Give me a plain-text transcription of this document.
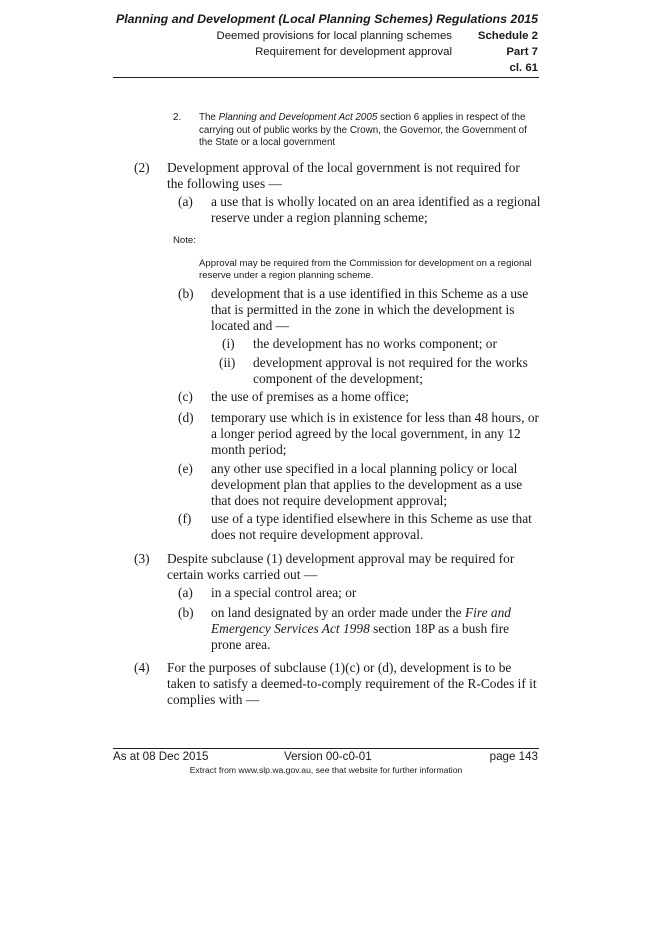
Planning and Development (Local Planning Schemes) Regulations 2015
Deemed provisions for local planning schemes Schedule 2
Requirement for development approval	Part 7
cl. 61
2. The Planning and Development Act 2005 section 6 applies in respect of the carrying out of public works by the Crown, the Governor, the Government of the State or a local government
(2) Development approval of the local government is not required for the following uses —
(a) a use that is wholly located on an area identified as a regional reserve under a region planning scheme;
Note:
Approval may be required from the Commission for development on a regional reserve under a region planning scheme.
(b) development that is a use identified in this Scheme as a use that is permitted in the zone in which the development is located and —
(i) the development has no works component; or
(ii) development approval is not required for the works component of the development;
(c) the use of premises as a home office;
(d) temporary use which is in existence for less than 48 hours, or a longer period agreed by the local government, in any 12 month period;
(e) any other use specified in a local planning policy or local development plan that applies to the development as a use that does not require development approval;
(f) use of a type identified elsewhere in this Scheme as use that does not require development approval.
(3) Despite subclause (1) development approval may be required for certain works carried out —
(a) in a special control area; or
(b) on land designated by an order made under the Fire and Emergency Services Act 1998 section 18P as a bush fire prone area.
(4) For the purposes of subclause (1)(c) or (d), development is to be taken to satisfy a deemed-to-comply requirement of the R-Codes if it complies with —
As at 08 Dec 2015	Version 00-c0-01	page 143
Extract from www.slp.wa.gov.au, see that website for further information
